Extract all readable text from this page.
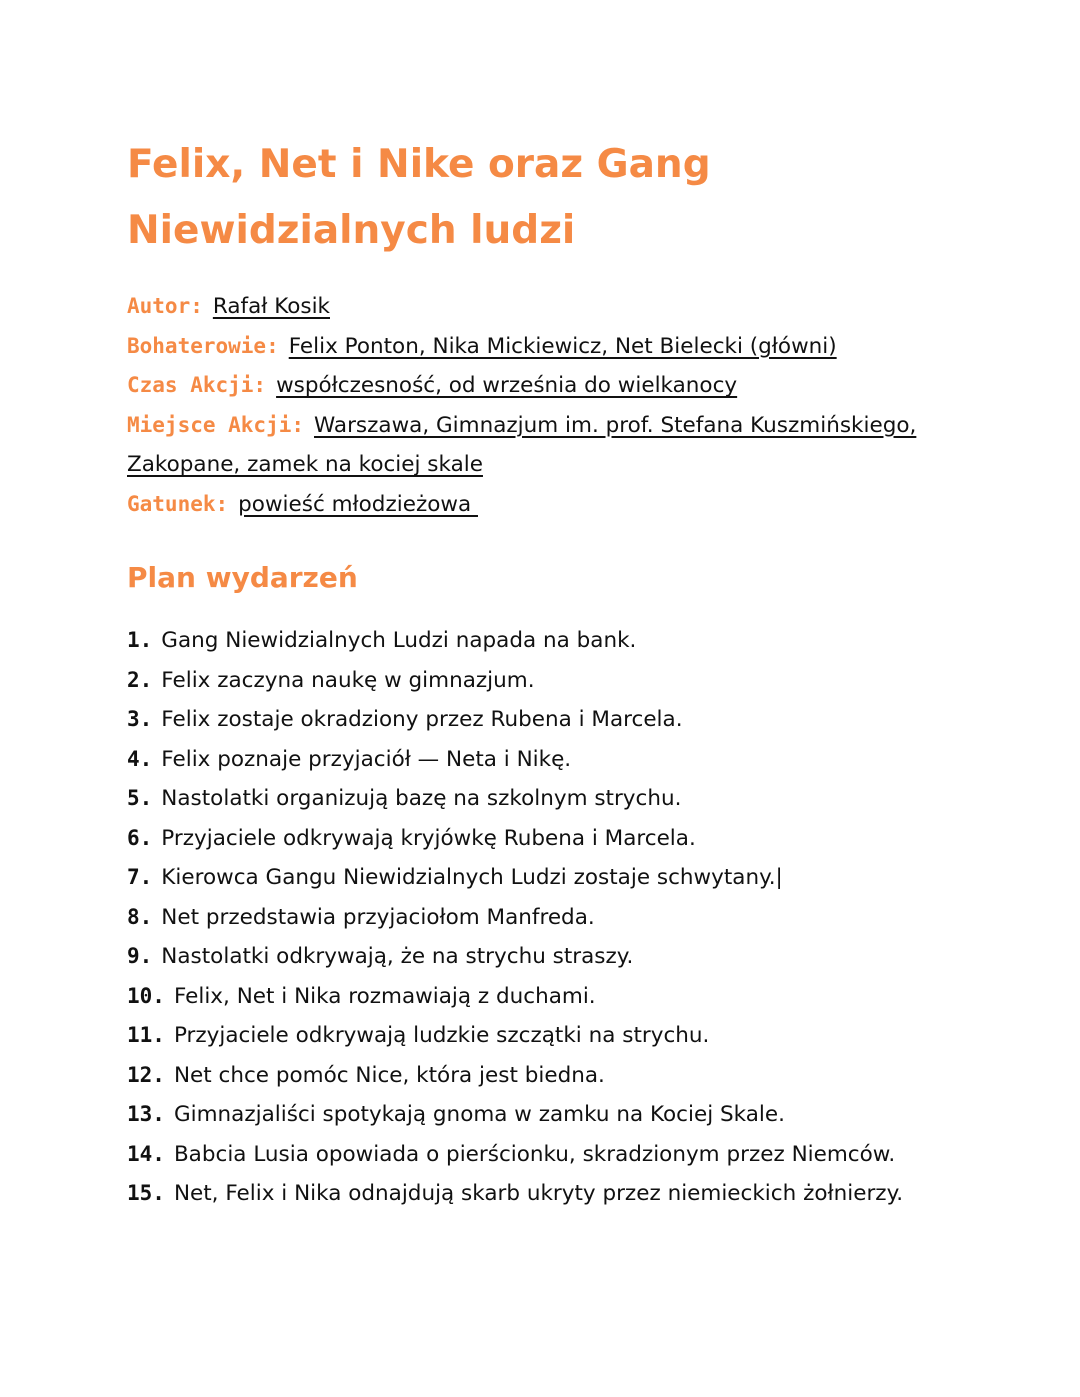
Felix, Net i Nike oraz Gang Niewidzialnych ludzi

Autor: Rafał Kosik

Bohaterowie: Felix Ponton, Nika Mickiewicz, Net Bielecki (główni)

Czas Akcji: współczesność, od września do wielkanocy

Miejsce Akcji: Warszawa, Gimnazjum im. prof. Stefana Kuszmińskiego, Zakopane, zamek na kociej skale

Gatunek: powieść młodzieżowa

Plan wydarzeń
1. Gang Niewidzialnych Ludzi napada na bank.
2. Felix zaczyna naukę w gimnazjum.
3. Felix zostaje okradziony przez Rubena i Marcela.
4. Felix poznaje przyjaciół — Neta i Nikę.
5. Nastolatki organizują bazę na szkolnym strychu.
6. Przyjaciele odkrywają kryjówkę Rubena i Marcela.
7. Kierowca Gangu Niewidzialnych Ludzi zostaje schwytany.|
8. Net przedstawia przyjaciołom Manfreda.
9. Nastolatki odkrywają, że na strychu straszy.
10. Felix, Net i Nika rozmawiają z duchami.
11. Przyjaciele odkrywają ludzkie szczątki na strychu.
12. Net chce pomóc Nice, która jest biedna.
13. Gimnazjaliści spotykają gnoma w zamku na Kociej Skale.
14. Babcia Lusia opowiada o pierścionku, skradzionym przez Niemców.
15. Net, Felix i Nika odnajdują skarb ukryty przez niemieckich żołnierzy.
